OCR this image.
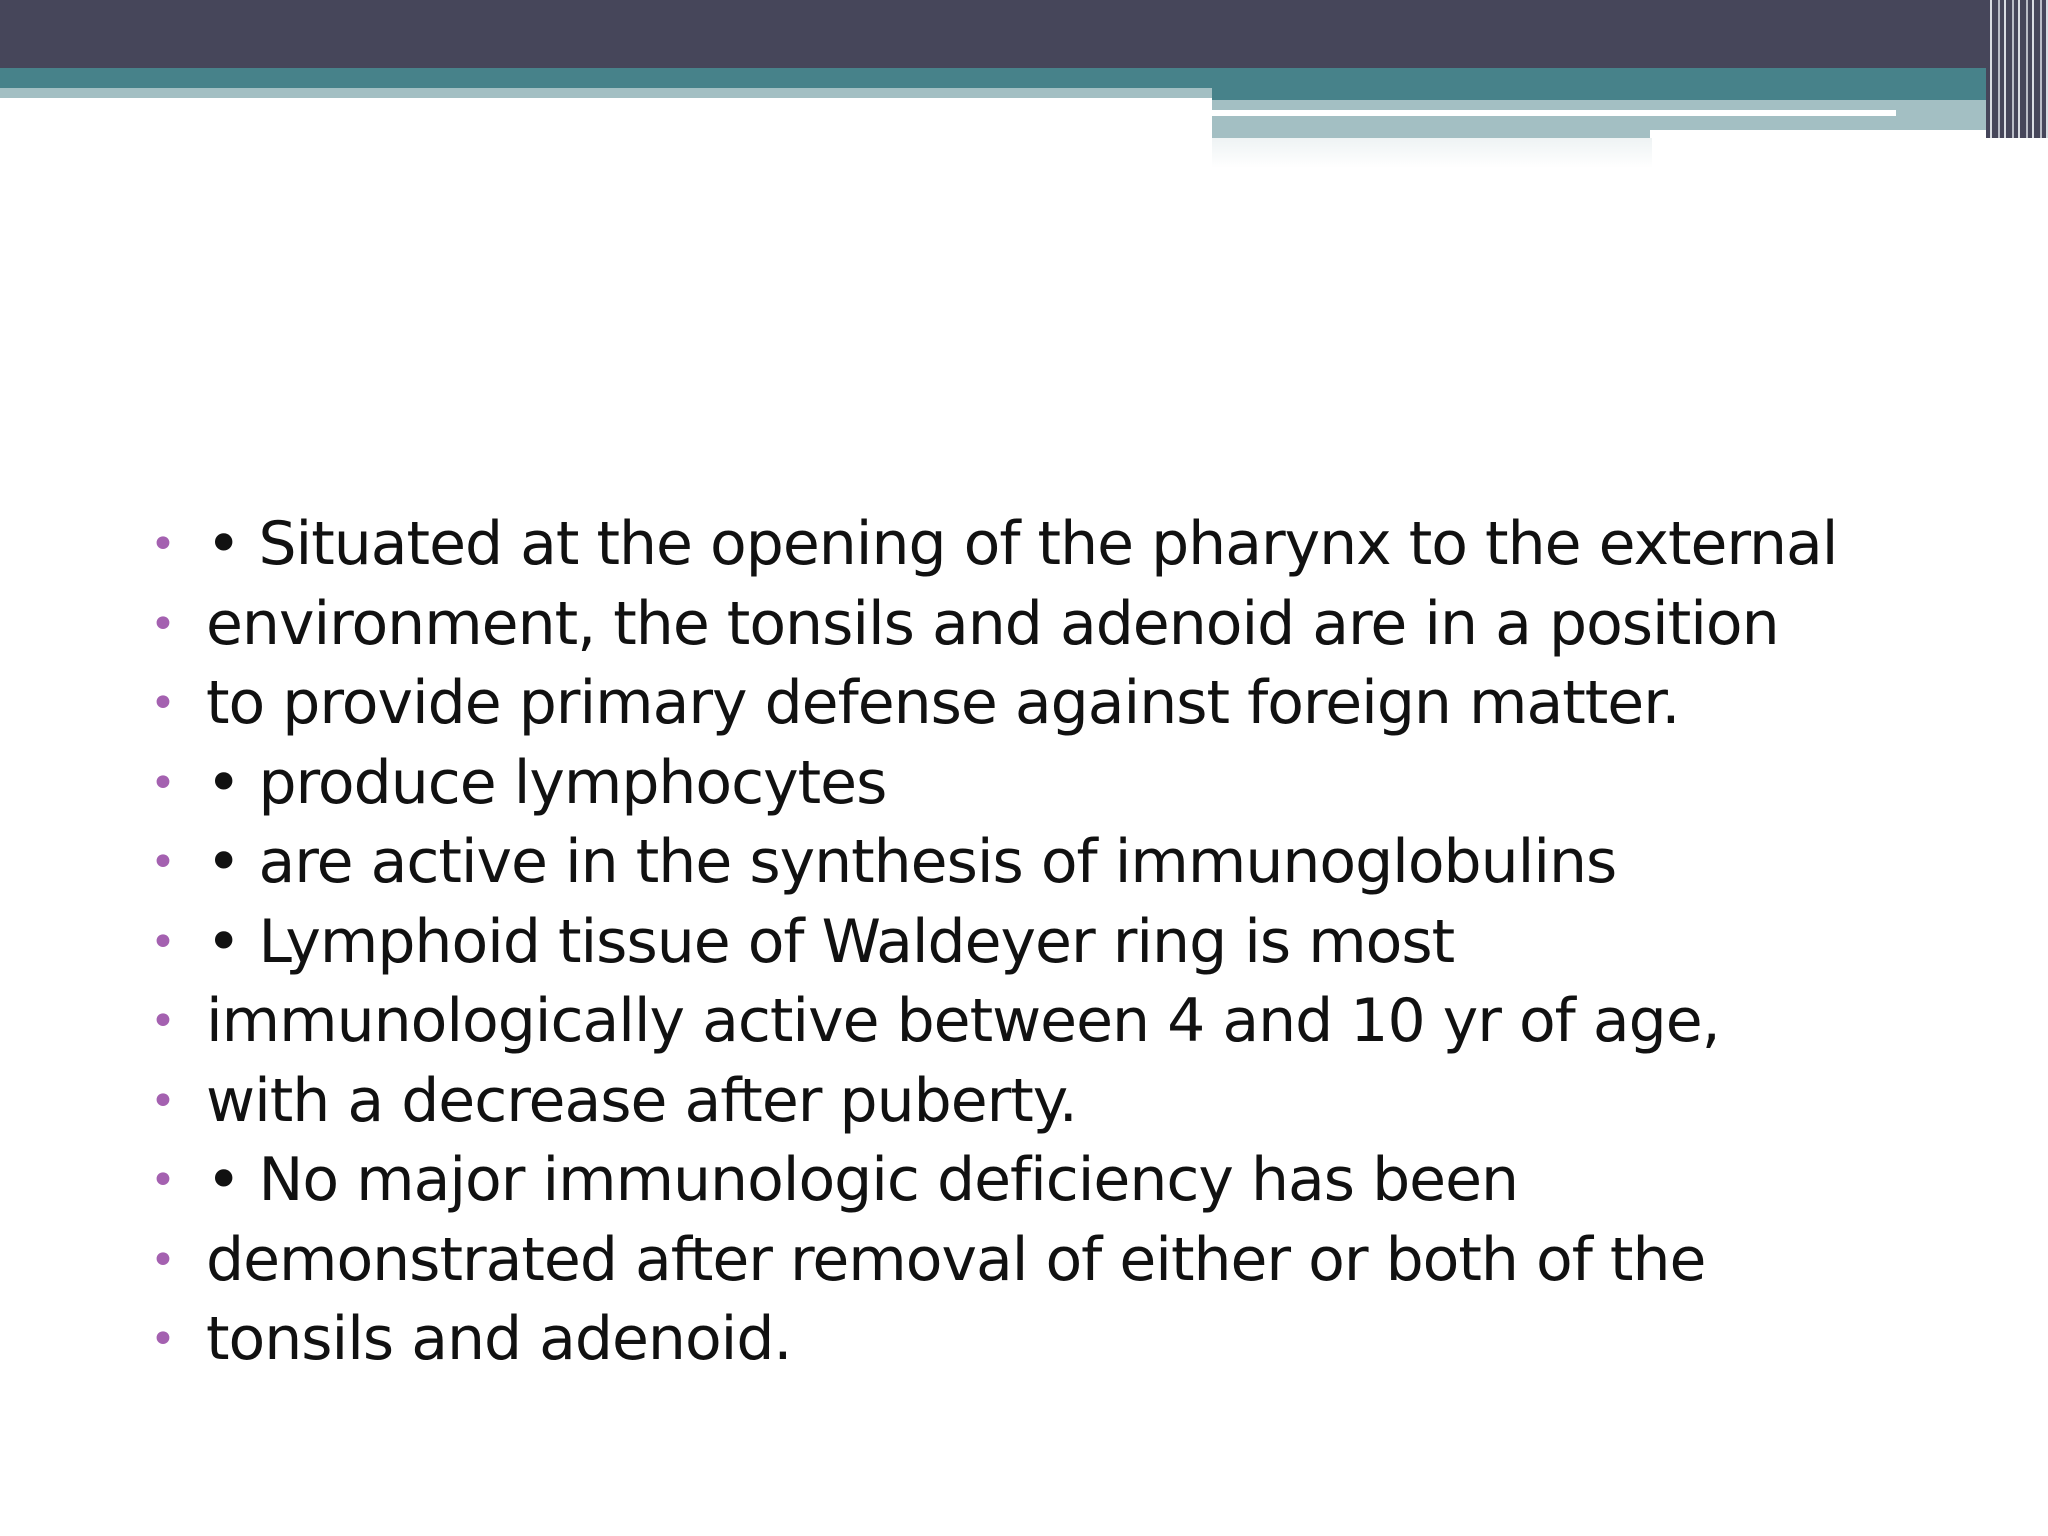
• • Situated at the opening of the pharynx to the external
• environment, the tonsils and adenoid are in a position
• to provide primary defense against foreign matter.
• • produce lymphocytes
• • are active in the synthesis of immunoglobulins
• • Lymphoid tissue of Waldeyer ring is most
• immunologically active between 4 and 10 yr of age,
• with a decrease after puberty.
• • No major immunologic deficiency has been
• demonstrated after removal of either or both of the
• tonsils and adenoid.
